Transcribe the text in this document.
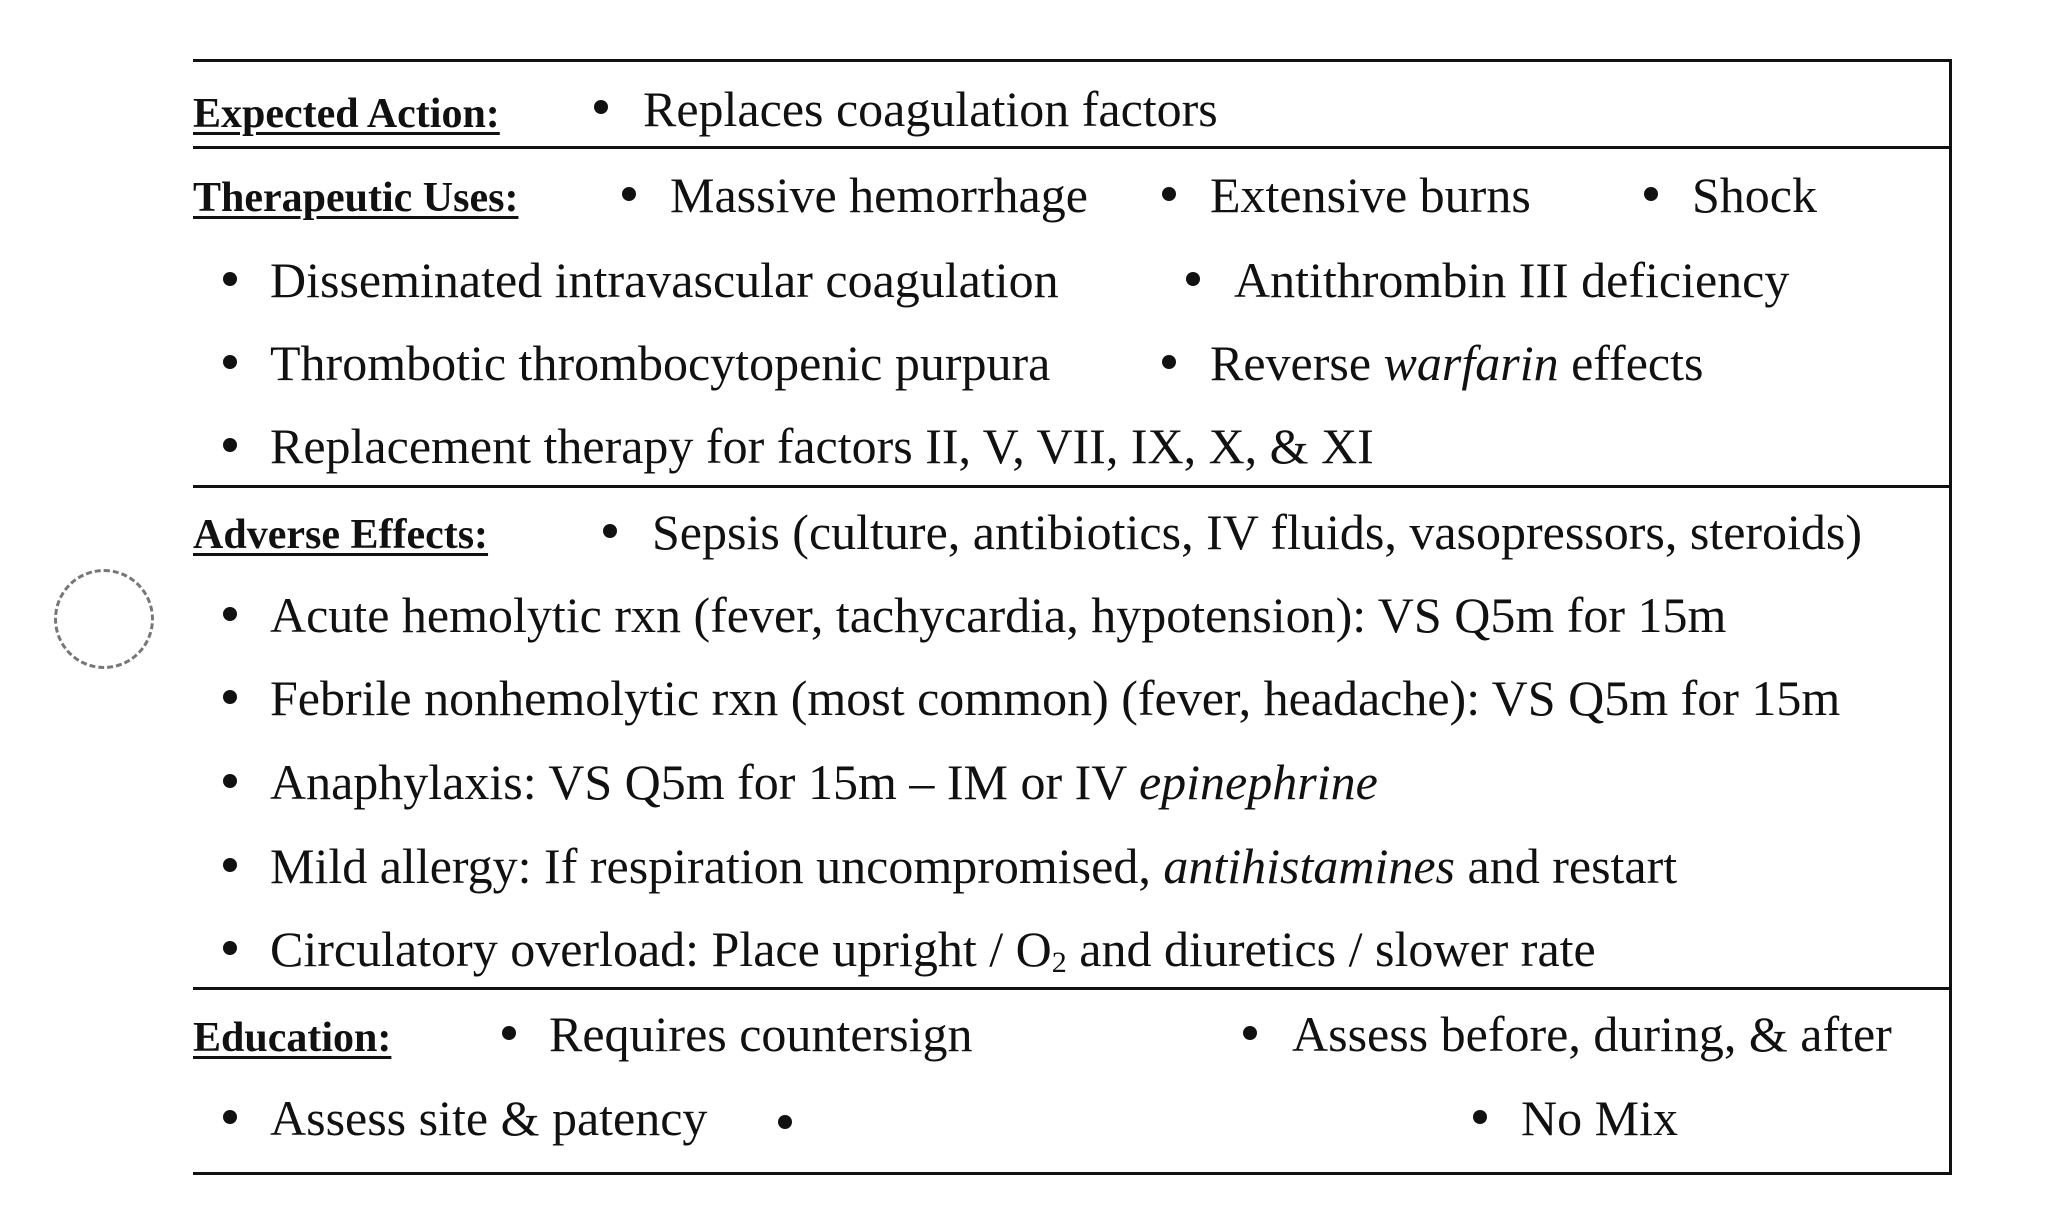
Expected Action:	Replaces coagulation factors
Therapeutic Uses:	Massive hemorrhage Extensive burns	Shock
Disseminated intravascular coagulation	Antithrombin III deficiency
Thrombotic thrombocytopenic purpura	Reverse warfarin effects
Replacement therapy for factors II, V, VII, IX, X, & XI
Adverse Effects:	Sepsis (culture, antibiotics, IV fluids, vasopressors, steroids)
Acute hemolytic rxn (fever, tachycardia, hypotension): VS Q5m for 15m
Febrile nonhemolytic rxn (most common) (fever, headache): VS Q5m for 15m
Anaphylaxis: VS Q5m for 15m – IM or IV epinephrine
Mild allergy: If respiration uncompromised, antihistamines and restart
Circulatory overload: Place upright / $O_2$ and diuretics / slower rate
Education:	Requires countersign	Assess before, during, & after
Assess site & patency	No Mix
